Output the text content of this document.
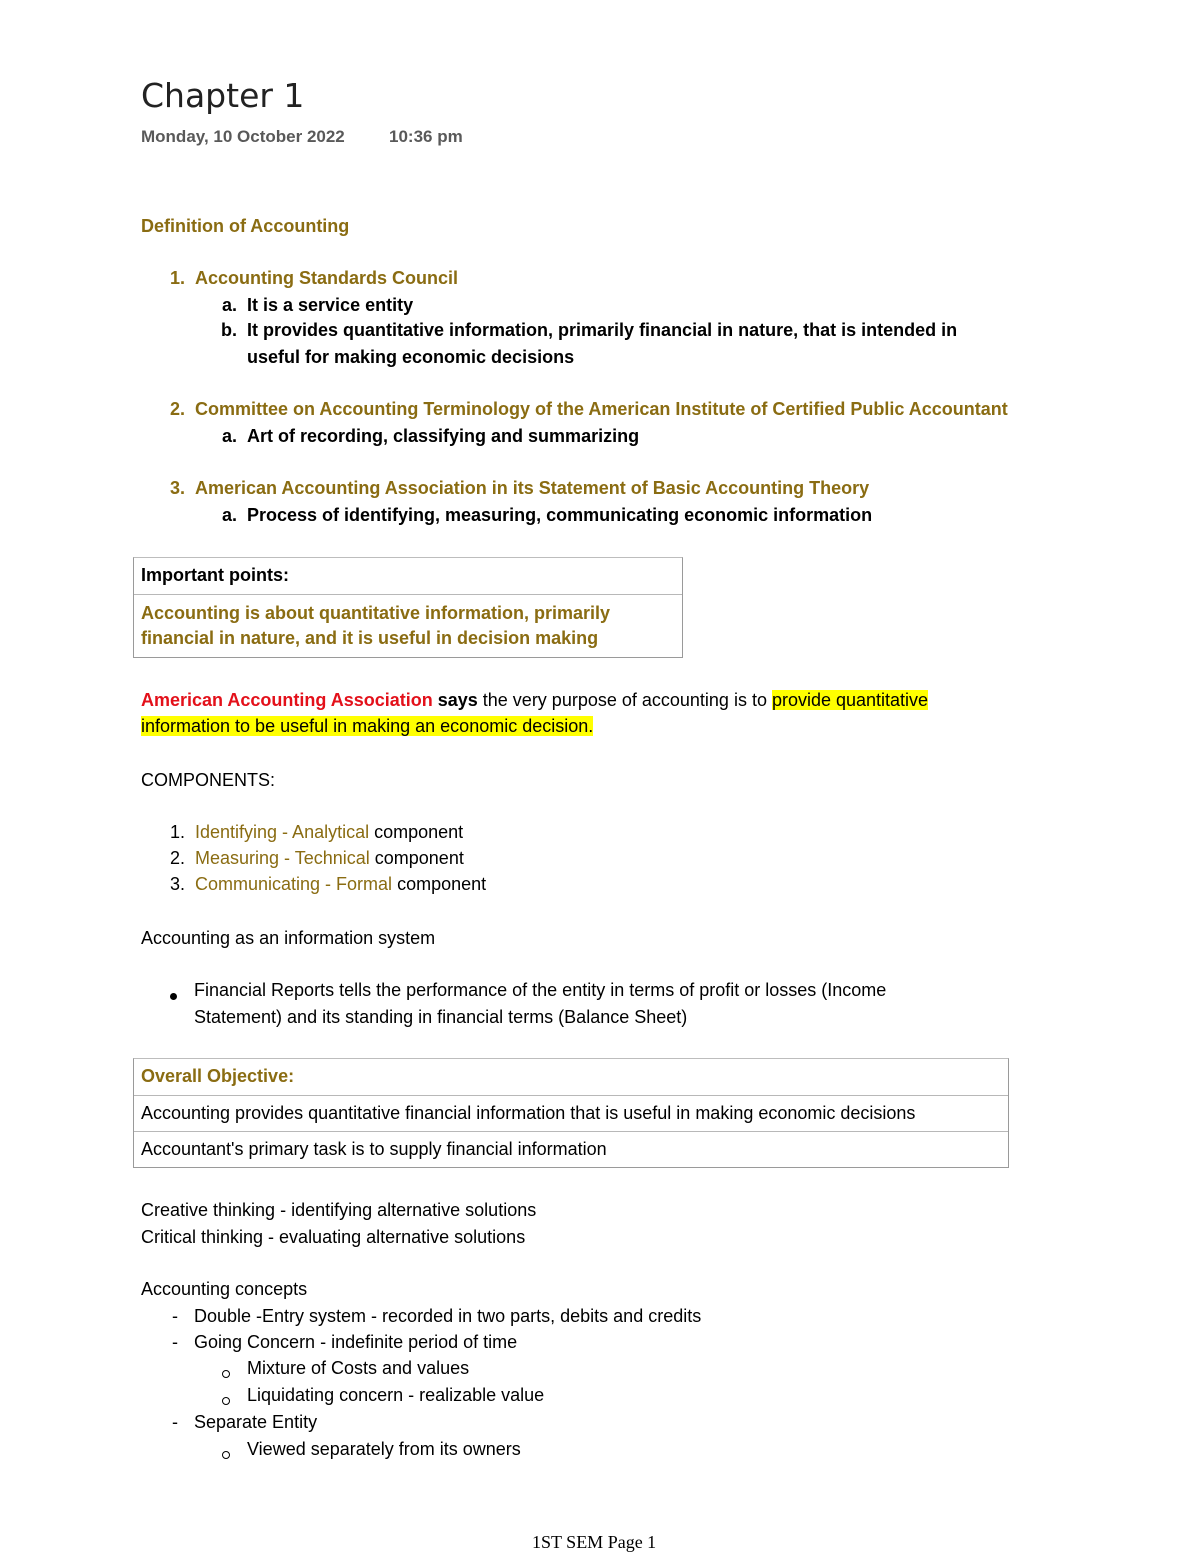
Chapter 1
Monday, 10 October 2022	10:36 pm
Definition of Accounting
1. Accounting Standards Council
a. It is a service entity
b. It provides quantitative information, primarily financial in nature, that is intended in
useful for making economic decisions
2. Committee on Accounting Terminology of the American Institute of Certified Public Accountant
a. Art of recording, classifying and summarizing
3. American Accounting Association in its Statement of Basic Accounting Theory
a. Process of identifying, measuring, communicating economic information
Important points:
Accounting is about quantitative information, primarily
financial in nature, and it is useful in decision making
American Accounting Association says the very purpose of accounting is to provide quantitative
information to be useful in making an economic decision.
COMPONENTS:
1. Identifying - Analytical component
2. Measuring - Technical component
3. Communicating - Formal component
Accounting as an information system
Financial Reports tells the performance of the entity in terms of profit or losses (Income
Statement) and its standing in financial terms (Balance Sheet)
Overall Objective:
Accounting provides quantitative financial information that is useful in making economic decisions
Accountant's primary task is to supply financial information
Creative thinking - identifying alternative solutions
Critical thinking - evaluating alternative solutions
Accounting concepts
- Double -Entry system - recorded in two parts, debits and credits
- Going Concern - indefinite period of time
Mixture of Costs and values
Liquidating concern - realizable value
- Separate Entity
Viewed separately from its owners
1ST SEM Page 1
